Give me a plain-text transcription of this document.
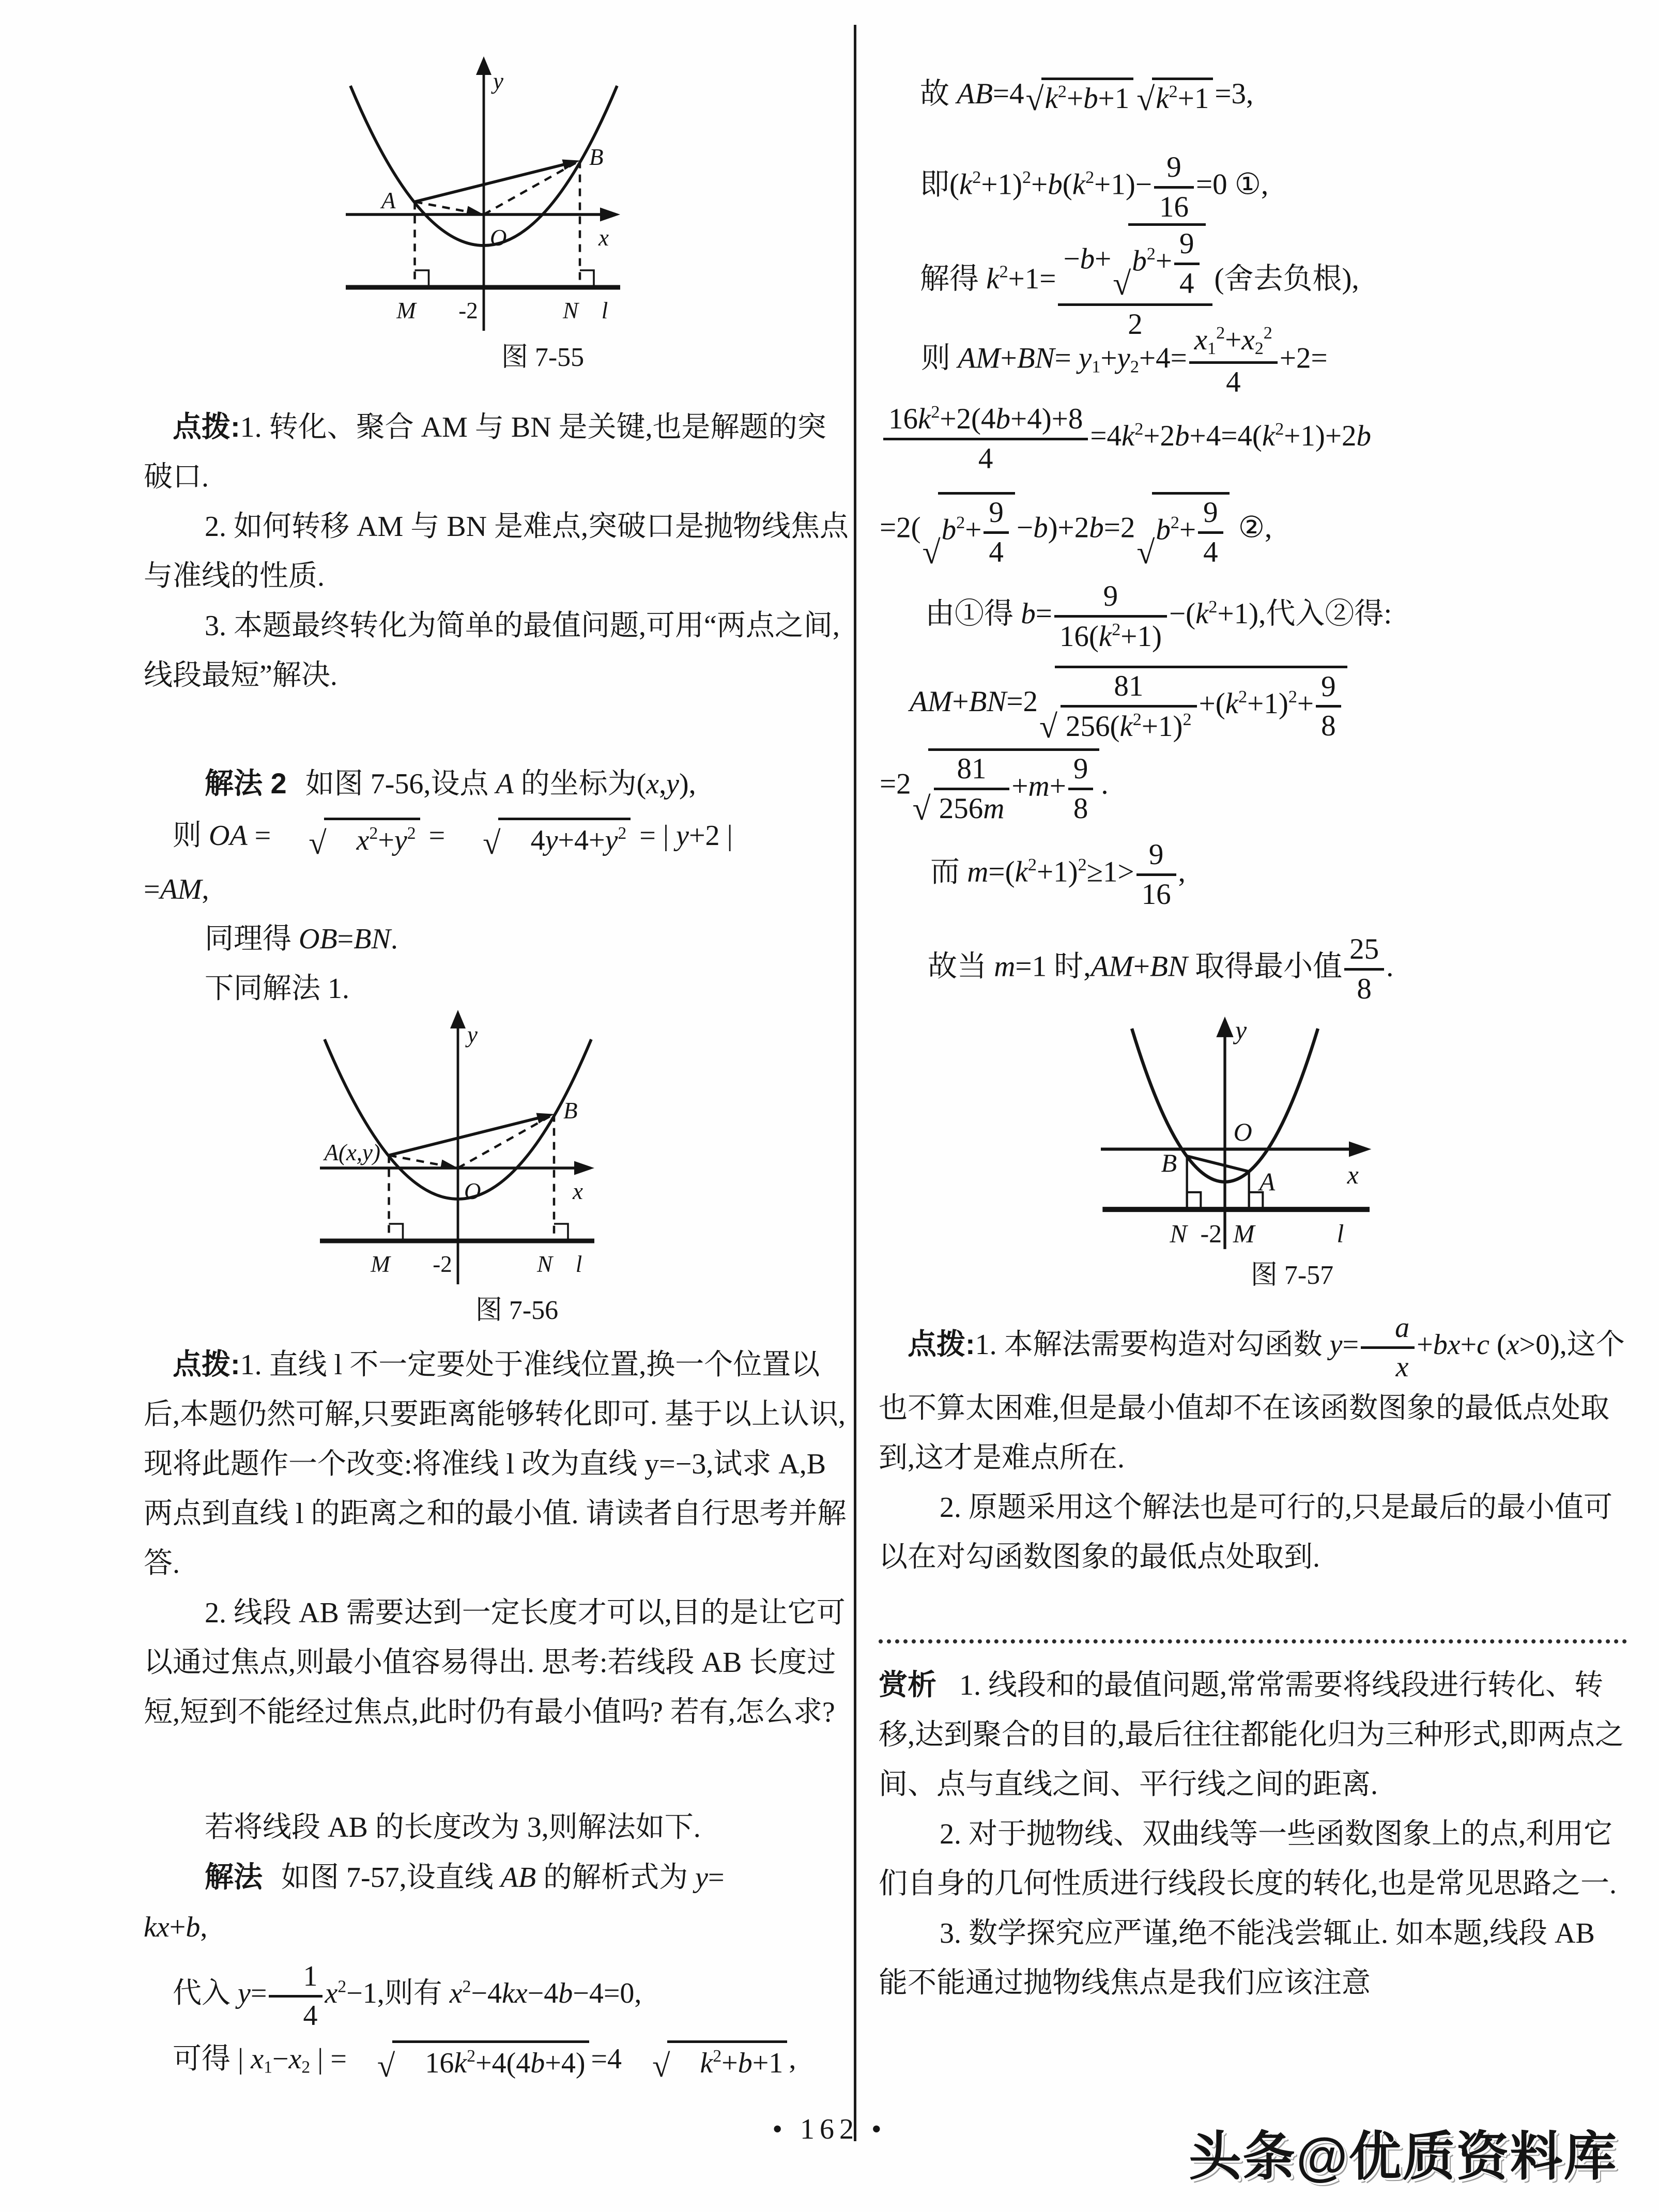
y
x
O
A
B
M	-2	N	l
图 7-55

点拨:1. 转化、聚合 AM 与 BN 是关键,也是解题的突破口.

2. 如何转移 AM 与 BN 是难点,突破口是抛物线焦点与准线的性质.

3. 本题最终转化为简单的最值问题,可用“两点之间,线段最短”解决.

解法 2 如图 7-56,设点 A 的坐标为(x,y),

则 OA = √	$x^2+y^2$ = √	$4y+4+y^2$ = | y+2 |

=AM,

同理得 OB=BN.

下同解法 1.

y
x
O
A(x,y)
B
M	-2	N	l
图 7-56

点拨:1. 直线 l 不一定要处于准线位置,换一个位置以后,本题仍然可解,只要距离能够转化即可. 基于以上认识,现将此题作一个改变:将准线 l 改为直线 y=−3,试求 A,B 两点到直线 l 的距离之和的最小值. 请读者自行思考并解答.

2. 线段 AB 需要达到一定长度才可以,目的是让它可以通过焦点,则最小值容易得出. 思考:若线段 AB 长度过短,短到不能经过焦点,此时仍有最小值吗? 若有,怎么求?

若将线段 AB 的长度改为 3,则解法如下.

解法 如图 7-57,设直线 AB 的解析式为 y=

kx+b,

代入 $y= \frac{1}{4} x^2-1$,则有 $x^2-4kx-4b-4=0$,

可得 | x1−x2 | = √	$16k^2+4(4b+4) =4$ √	$k^2+b+1$ ,

故 AB=4 √ $k^2+b+1$ √ $k^2+1 =3$,
即$(k^2+1)^2+b(k^2+1)- \frac{9}{16} =0$ ①,
解得 $k^2+1= -b+$
√
$b^2+ \frac{9}{4}$
2 (舍去负根),
则 $AM+BN= y1+y2+4= \frac{x1^2+x2^2}{4} +2=$
$\frac{16k^2+2(4b+4)+8}{4} =4k^2+2b+4=4(k^2+1)+2b$
=2(
√
$b^2+ \frac{9}{4} -b)+2b=2$
√
$b^2+ \frac{9}{4}$ ②,
由①得 $b= \frac{9}{16(k^2+1)} -(k^2+1)$,代入②得:
AM+BN=2
√ $\frac{81}{256(k^2+1)^2} +(k^2+1)^2+ \frac{9}{8}$
=2
√ $\frac{81}{256m} +m+ \frac{9}{8}$ .
而 $m=(k^2+1)^2\ge 1> \frac{9}{16}$ ,
故当 m=1 时,AM+BN 取得最小值 $\frac{25}{8}$ .
y
x
O
B
A
N -2 M	l
图 7-57

点拨:1. 本解法需要构造对勾函数 $y= \frac{a}{x} +bx+c$ (x>0),这个也不算太困难,但是最小值却不在该函数图象的最低点处取到,这才是难点所在.

2. 原题采用这个解法也是可行的,只是最后的最小值可以在对勾函数图象的最低点处取到.

赏析 1. 线段和的最值问题,常常需要将线段进行转化、转移,达到聚合的目的,最后往往都能化归为三种形式,即两点之间、点与直线之间、平行线之间的距离.

2. 对于抛物线、双曲线等一些函数图象上的点,利用它们自身的几何性质进行线段长度的转化,也是常见思路之一.

3. 数学探究应严谨,绝不能浅尝辄止. 如本题,线段 AB 能不能通过抛物线焦点是我们应该注意

• 162 •	头条@优质资料库
